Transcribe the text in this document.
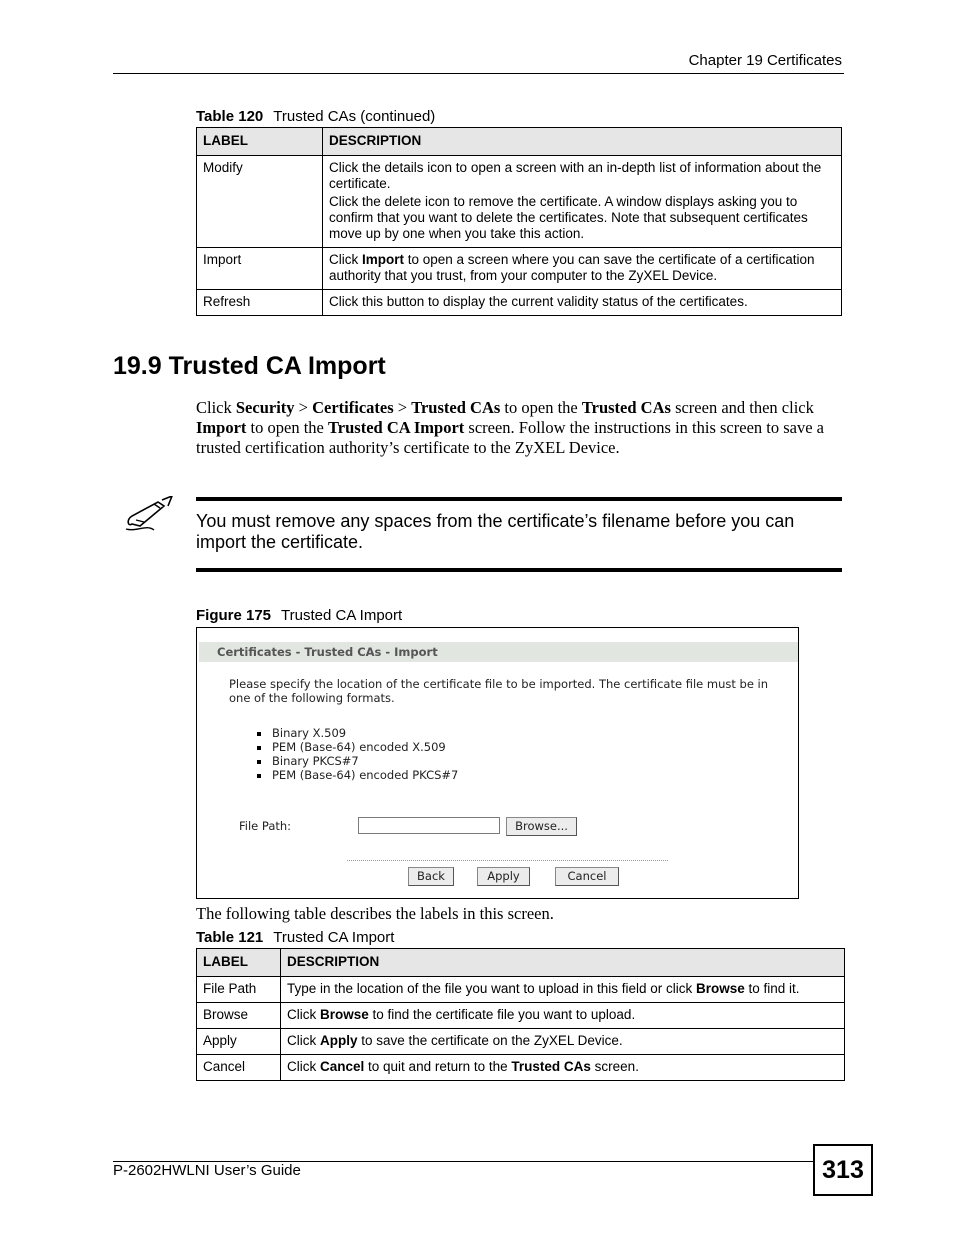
Chapter 19 Certificates
Table 120 Trusted CAs (continued)
LABEL	DESCRIPTION
Modify	Click the details icon to open a screen with an in-depth list of information about the certificate.

Click the delete icon to remove the certificate. A window displays asking you to confirm that you want to delete the certificates. Note that subsequent certificates move up by one when you take this action.

Import	Click Import to open a screen where you can save the certificate of a certification authority that you trust, from your computer to the ZyXEL Device.
Refresh	Click this button to display the current validity status of the certificates.
19.9 Trusted CA Import
Click Security > Certificates > Trusted CAs to open the Trusted CAs screen and then click Import to open the Trusted CA Import screen. Follow the instructions in this screen to save a trusted certification authority’s certificate to the ZyXEL Device.
You must remove any spaces from the certificate’s filename before you can import the certificate.
Figure 175 Trusted CA Import
Certificates - Trusted CAs - Import
Please specify the location of the certificate file to be imported. The certificate file must be in one of the following formats.
Binary X.509
PEM (Base-64) encoded X.509
Binary PKCS#7
PEM (Base-64) encoded PKCS#7
File Path:	Browse...
Back	Apply	Cancel
The following table describes the labels in this screen.
Table 121 Trusted CA Import
LABEL	DESCRIPTION
File Path	Type in the location of the file you want to upload in this field or click Browse to find it.
Browse	Click Browse to find the certificate file you want to upload.
Apply	Click Apply to save the certificate on the ZyXEL Device.
Cancel	Click Cancel to quit and return to the Trusted CAs screen.
P-2602HWLNI User’s Guide	313
